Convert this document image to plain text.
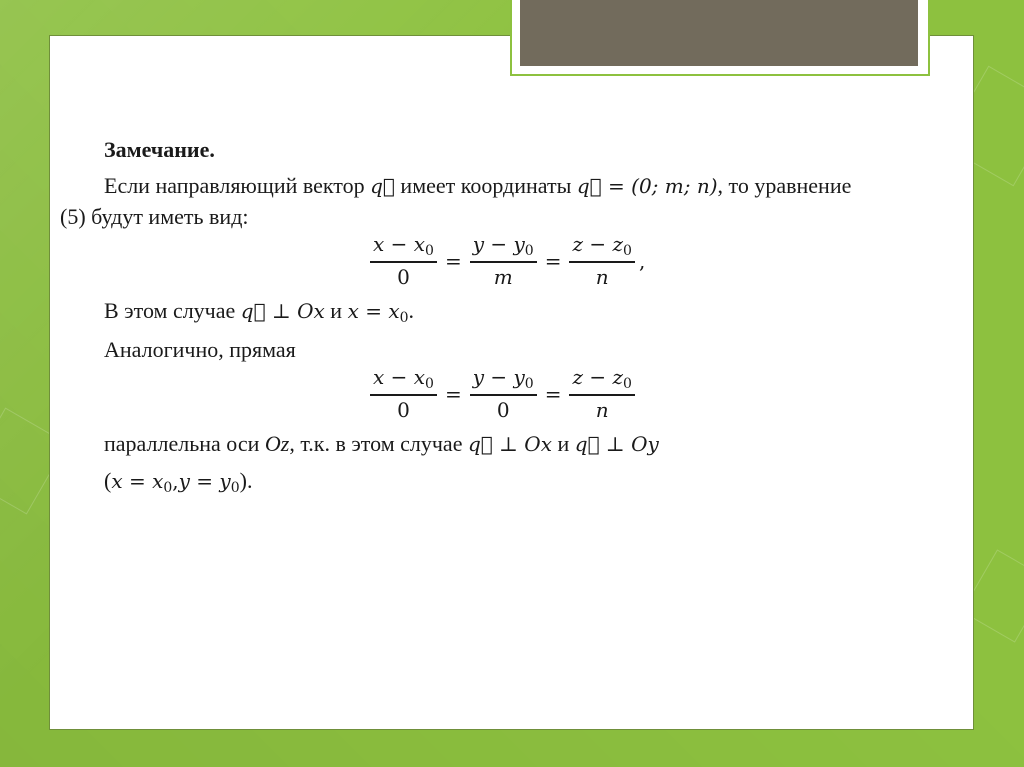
Замечание.
Если направляющий вектор q⃗ имеет координаты q⃗ = (0; m; n), то уравнение
(5) будут иметь вид:
$\frac{x - x_0}{0} = \frac{y - y_0}{m} = \frac{z - z_0}{n}$ ,
В этом случае q⃗ ⊥ Ox и $x = x_0$.
Аналогично, прямая
$\frac{x - x_0}{0} = \frac{y - y_0}{0} = \frac{z - z_0}{n}$
параллельна оси Oz, т.к. в этом случае q⃗ ⊥ Ox и q⃗ ⊥ Oy
$(x = x_0,y = y_0)$.
